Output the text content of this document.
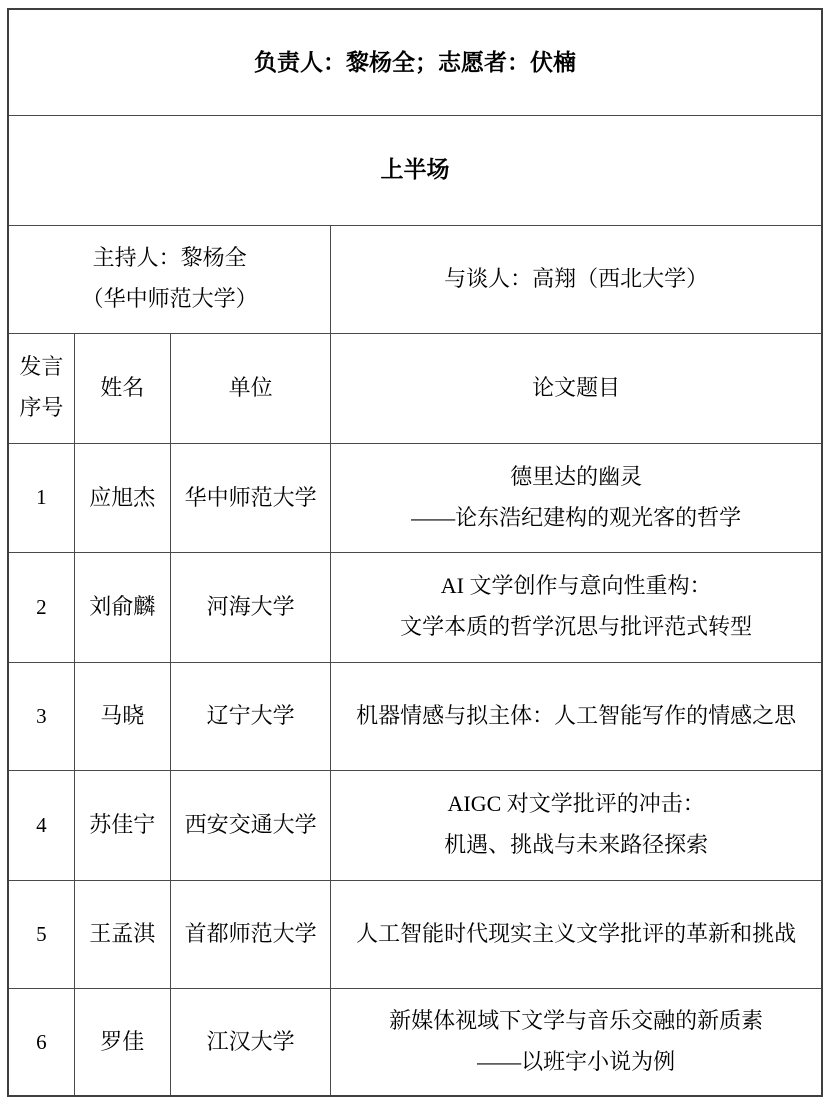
负责人：黎杨全；志愿者：伏楠			
上半场			
主持人：黎杨全
（华中师范大学）			与谈人：高翔（西北大学）
发言
序号	姓名	单位	论文题目
1	应旭杰	华中师范大学	德里达的幽灵
——论东浩纪建构的观光客的哲学
2	刘俞麟	河海大学	AI 文学创作与意向性重构：
文学本质的哲学沉思与批评范式转型
3	马晓	辽宁大学	机器情感与拟主体：人工智能写作的情感之思
4	苏佳宁	西安交通大学	AIGC 对文学批评的冲击：
机遇、挑战与未来路径探索
5	王孟淇	首都师范大学	人工智能时代现实主义文学批评的革新和挑战
6	罗佳	江汉大学	新媒体视域下文学与音乐交融的新质素
——以班宇小说为例
